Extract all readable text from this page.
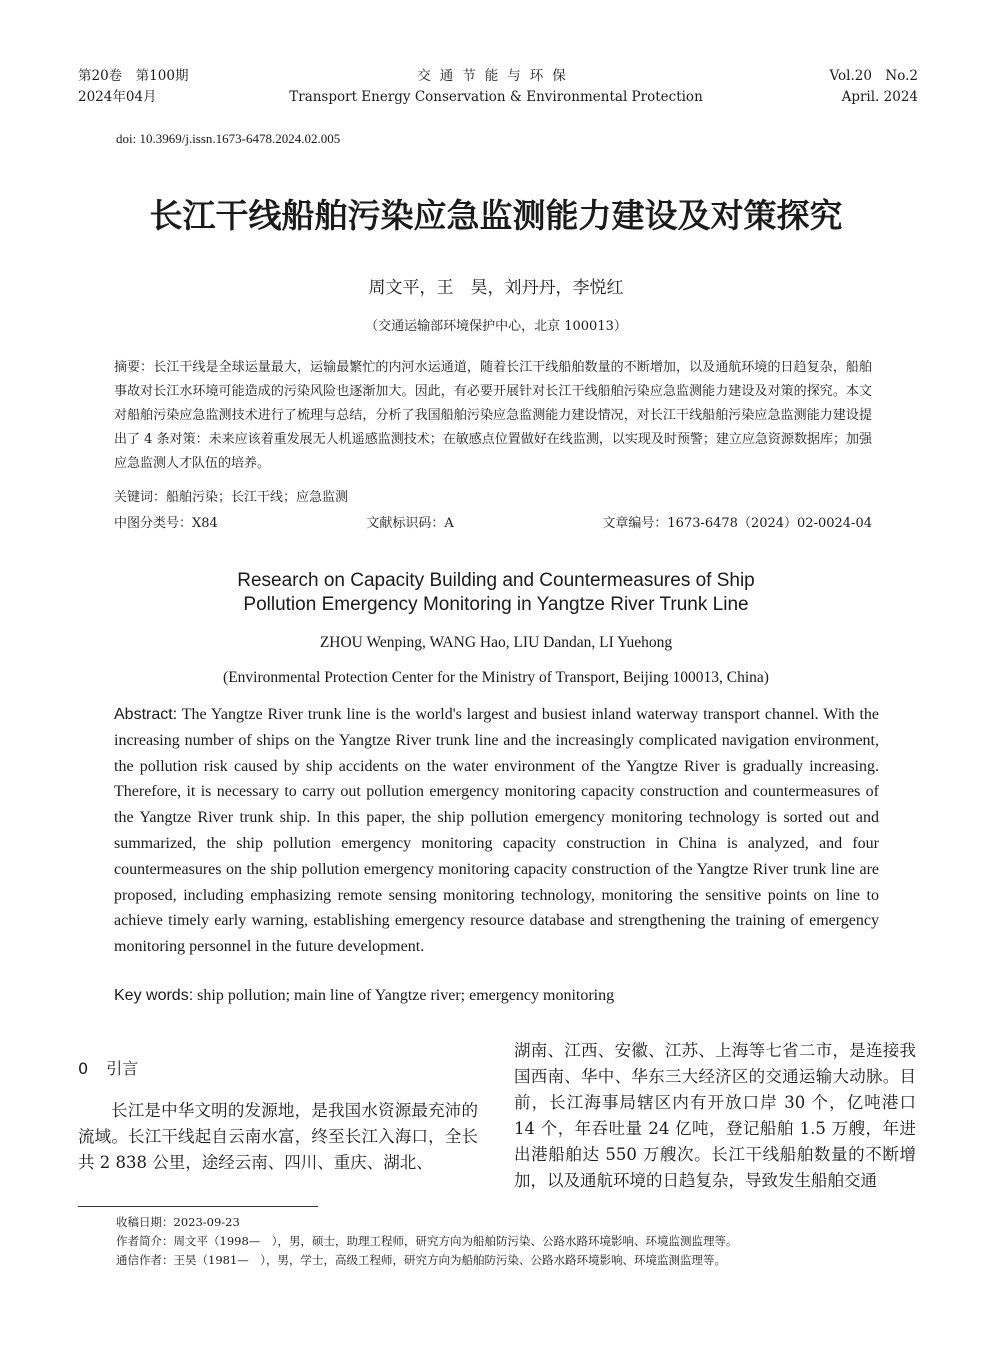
第20卷　第100期
2024年04月
交通节能与环保
Transport Energy Conservation & Environmental Protection
Vol.20　No.2
April. 2024
doi: 10.3969/j.issn.1673-6478.2024.02.005
长江干线船舶污染应急监测能力建设及对策探究
周文平，王　昊，刘丹丹，李悦红
（交通运输部环境保护中心，北京 100013）
摘要：长江干线是全球运量最大，运输最繁忙的内河水运通道，随着长江干线船舶数量的不断增加，以及通航环境的日趋复杂，船舶事故对长江水环境可能造成的污染风险也逐渐加大。因此，有必要开展针对长江干线船舶污染应急监测能力建设及对策的探究。本文对船舶污染应急监测技术进行了梳理与总结，分析了我国船舶污染应急监测能力建设情况，对长江干线船舶污染应急监测能力建设提出了 4 条对策：未来应该着重发展无人机遥感监测技术；在敏感点位置做好在线监测，以实现及时预警；建立应急资源数据库；加强应急监测人才队伍的培养。
关键词：船舶污染；长江干线；应急监测
中图分类号：X84	文献标识码：A	文章编号：1673-6478（2024）02-0024-04
Research on Capacity Building and Countermeasures of Ship
Pollution Emergency Monitoring in Yangtze River Trunk Line
ZHOU Wenping, WANG Hao, LIU Dandan, LI Yuehong
(Environmental Protection Center for the Ministry of Transport, Beijing 100013, China)
Abstract: The Yangtze River trunk line is the world's largest and busiest inland waterway transport channel. With the increasing number of ships on the Yangtze River trunk line and the increasingly complicated navigation environment, the pollution risk caused by ship accidents on the water environment of the Yangtze River is gradually increasing. Therefore, it is necessary to carry out pollution emergency monitoring capacity construction and countermeasures of the Yangtze River trunk ship. In this paper, the ship pollution emergency monitoring technology is sorted out and summarized, the ship pollution emergency monitoring capacity construction in China is analyzed, and four countermeasures on the ship pollution emergency monitoring capacity construction of the Yangtze River trunk line are proposed, including emphasizing remote sensing monitoring technology, monitoring the sensitive points on line to achieve timely early warning, establishing emergency resource database and strengthening the training of emergency monitoring personnel in the future development.
Key words: ship pollution; main line of Yangtze river; emergency monitoring
0 引言

长江是中华文明的发源地，是我国水资源最充沛的流域。长江干线起自云南水富，终至长江入海口，全长共 2 838 公里，途经云南、四川、重庆、湖北、

湖南、江西、安徽、江苏、上海等七省二市，是连接我国西南、华中、华东三大经济区的交通运输大动脉。目前，长江海事局辖区内有开放口岸 30 个，亿吨港口 14 个，年吞吐量 24 亿吨，登记船舶 1.5 万艘，年进出港船舶达 550 万艘次。长江干线船舶数量的不断增加，以及通航环境的日趋复杂，导致发生船舶交通

收稿日期：2023-09-23
作者简介：周文平（1998—　），男，硕士，助理工程师，研究方向为船舶防污染、公路水路环境影响、环境监测监理等。
通信作者：王昊（1981—　），男，学士，高级工程师，研究方向为船舶防污染、公路水路环境影响、环境监测监理等。
